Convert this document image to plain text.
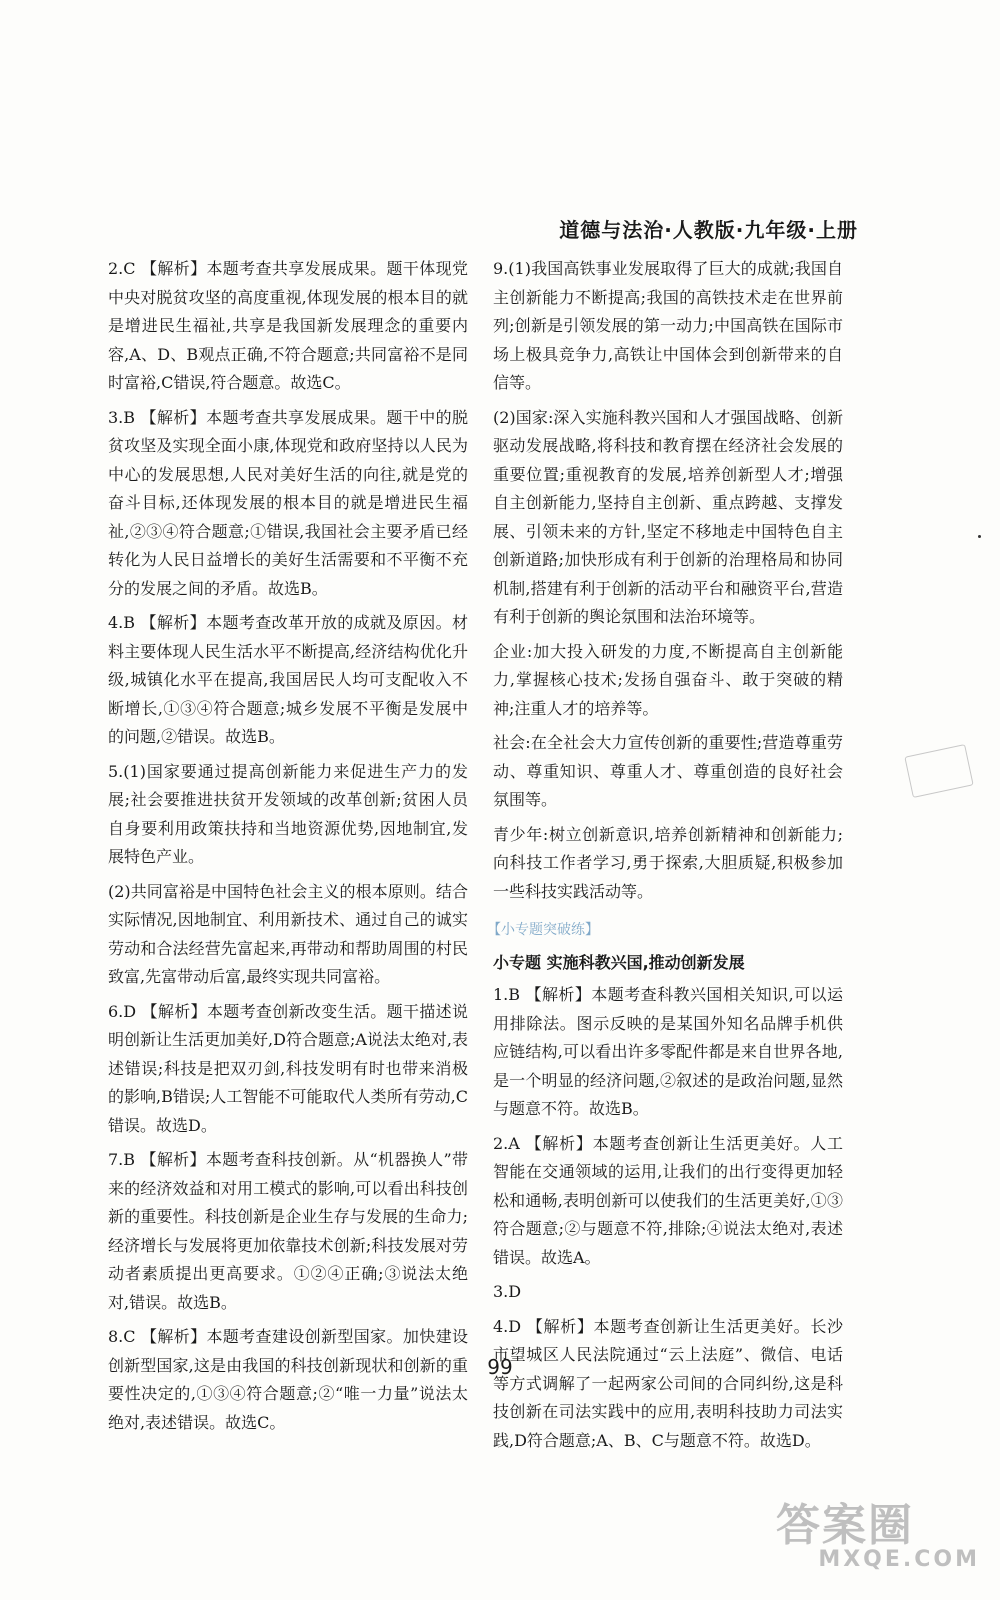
道德与法治·人教版·九年级·上册

2.C 【解析】本题考查共享发展成果。题干体现党中央对脱贫攻坚的高度重视,体现发展的根本目的就是增进民生福祉,共享是我国新发展理念的重要内容,A、D、B观点正确,不符合题意;共同富裕不是同时富裕,C错误,符合题意。故选C。

3.B 【解析】本题考查共享发展成果。题干中的脱贫攻坚及实现全面小康,体现党和政府坚持以人民为中心的发展思想,人民对美好生活的向往,就是党的奋斗目标,还体现发展的根本目的就是增进民生福祉,②③④符合题意;①错误,我国社会主要矛盾已经转化为人民日益增长的美好生活需要和不平衡不充分的发展之间的矛盾。故选B。

4.B 【解析】本题考查改革开放的成就及原因。材料主要体现人民生活水平不断提高,经济结构优化升级,城镇化水平在提高,我国居民人均可支配收入不断增长,①③④符合题意;城乡发展不平衡是发展中的问题,②错误。故选B。

5.(1)国家要通过提高创新能力来促进生产力的发展;社会要推进扶贫开发领域的改革创新;贫困人员自身要利用政策扶持和当地资源优势,因地制宜,发展特色产业。

(2)共同富裕是中国特色社会主义的根本原则。结合实际情况,因地制宜、利用新技术、通过自己的诚实劳动和合法经营先富起来,再带动和帮助周围的村民致富,先富带动后富,最终实现共同富裕。

6.D 【解析】本题考查创新改变生活。题干描述说明创新让生活更加美好,D符合题意;A说法太绝对,表述错误;科技是把双刃剑,科技发明有时也带来消极的影响,B错误;人工智能不可能取代人类所有劳动,C错误。故选D。

7.B 【解析】本题考查科技创新。从“机器换人”带来的经济效益和对用工模式的影响,可以看出科技创新的重要性。科技创新是企业生存与发展的生命力;经济增长与发展将更加依靠技术创新;科技发展对劳动者素质提出更高要求。①②④正确;③说法太绝对,错误。故选B。

8.C 【解析】本题考查建设创新型国家。加快建设创新型国家,这是由我国的科技创新现状和创新的重要性决定的,①③④符合题意;②“唯一力量”说法太绝对,表述错误。故选C。

9.(1)我国高铁事业发展取得了巨大的成就;我国自主创新能力不断提高;我国的高铁技术走在世界前列;创新是引领发展的第一动力;中国高铁在国际市场上极具竞争力,高铁让中国体会到创新带来的自信等。

(2)国家:深入实施科教兴国和人才强国战略、创新驱动发展战略,将科技和教育摆在经济社会发展的重要位置;重视教育的发展,培养创新型人才;增强自主创新能力,坚持自主创新、重点跨越、支撑发展、引领未来的方针,坚定不移地走中国特色自主创新道路;加快形成有利于创新的治理格局和协同机制,搭建有利于创新的活动平台和融资平台,营造有利于创新的舆论氛围和法治环境等。

企业:加大投入研发的力度,不断提高自主创新能力,掌握核心技术;发扬自强奋斗、敢于突破的精神;注重人才的培养等。

社会:在全社会大力宣传创新的重要性;营造尊重劳动、尊重知识、尊重人才、尊重创造的良好社会氛围等。

青少年:树立创新意识,培养创新精神和创新能力;向科技工作者学习,勇于探索,大胆质疑,积极参加一些科技实践活动等。

【小专题突破练】
小专题 实施科教兴国,推动创新发展

1.B 【解析】本题考查科教兴国相关知识,可以运用排除法。图示反映的是某国外知名品牌手机供应链结构,可以看出许多零配件都是来自世界各地,是一个明显的经济问题,②叙述的是政治问题,显然与题意不符。故选B。

2.A 【解析】本题考查创新让生活更美好。人工智能在交通领域的运用,让我们的出行变得更加轻松和通畅,表明创新可以使我们的生活更美好,①③符合题意;②与题意不符,排除;④说法太绝对,表述错误。故选A。

3.D

4.D 【解析】本题考查创新让生活更美好。长沙市望城区人民法院通过“云上法庭”、微信、电话等方式调解了一起两家公司间的合同纠纷,这是科技创新在司法实践中的应用,表明科技助力司法实践,D符合题意;A、B、C与题意不符。故选D。

99
答案圈
MXQE.COM
